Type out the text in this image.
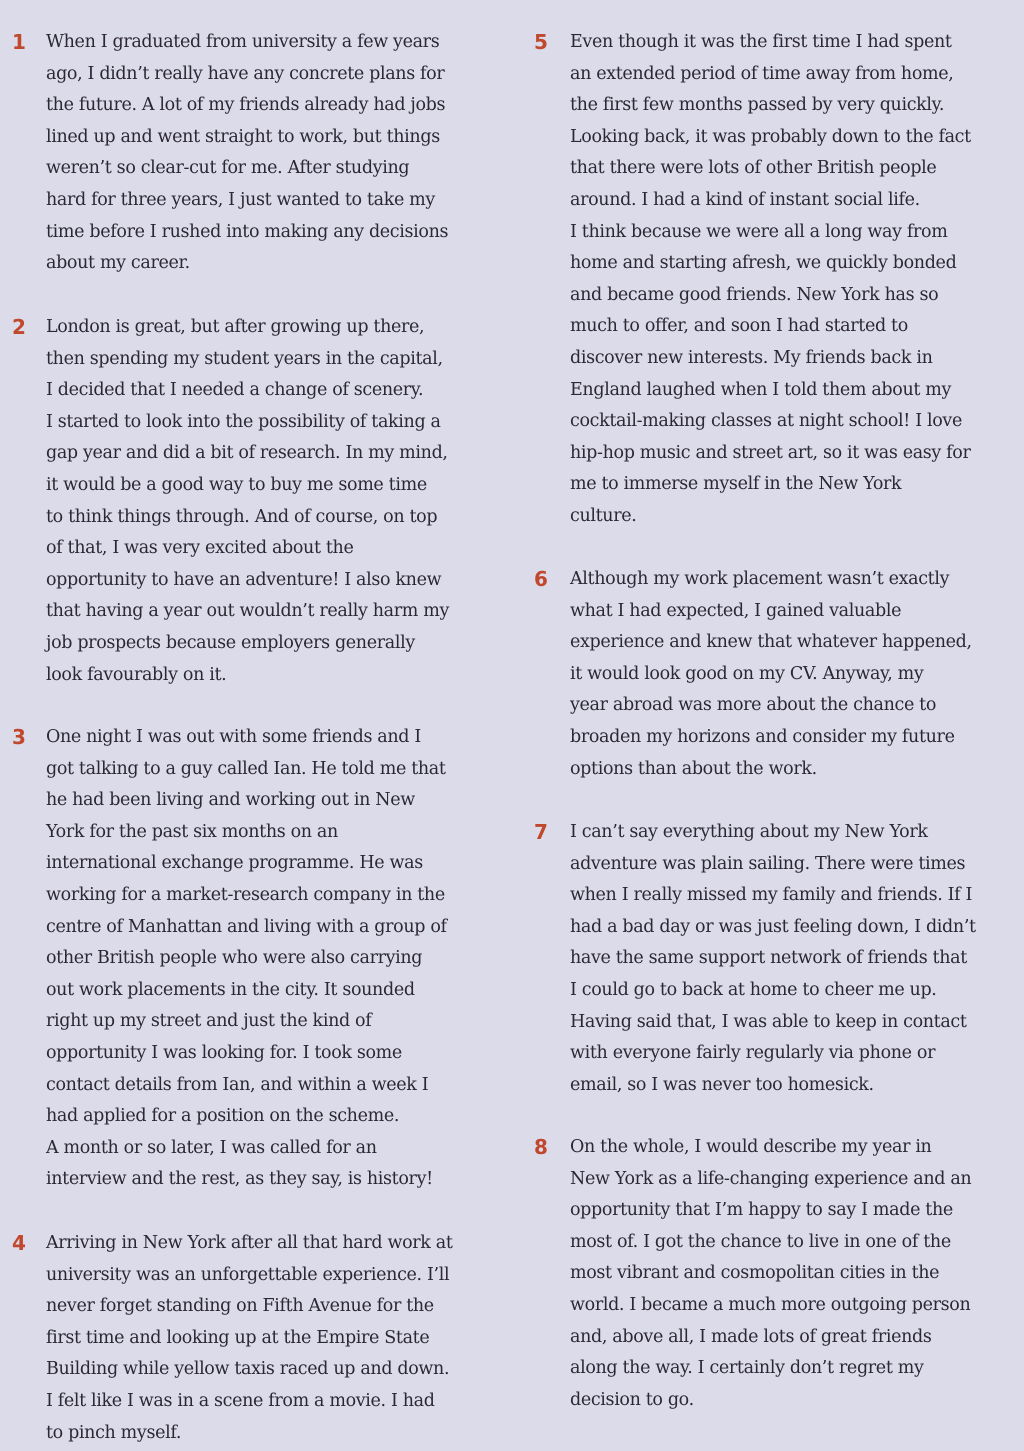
1	When I graduated from university a few years
ago, I didn’t really have any concrete plans for
the future. A lot of my friends already had jobs
lined up and went straight to work, but things
weren’t so clear-cut for me. After studying
hard for three years, I just wanted to take my
time before I rushed into making any decisions
about my career.
2	London is great, but after growing up there,
then spending my student years in the capital,
I decided that I needed a change of scenery.
I started to look into the possibility of taking a
gap year and did a bit of research. In my mind,
it would be a good way to buy me some time
to think things through. And of course, on top
of that, I was very excited about the
opportunity to have an adventure! I also knew
that having a year out wouldn’t really harm my
job prospects because employers generally
look favourably on it.
3	One night I was out with some friends and I
got talking to a guy called Ian. He told me that
he had been living and working out in New
York for the past six months on an
international exchange programme. He was
working for a market-research company in the
centre of Manhattan and living with a group of
other British people who were also carrying
out work placements in the city. It sounded
right up my street and just the kind of
opportunity I was looking for. I took some
contact details from Ian, and within a week I
had applied for a position on the scheme.
A month or so later, I was called for an
interview and the rest, as they say, is history!
4	Arriving in New York after all that hard work at
university was an unforgettable experience. I’ll
never forget standing on Fifth Avenue for the
first time and looking up at the Empire State
Building while yellow taxis raced up and down.
I felt like I was in a scene from a movie. I had
to pinch myself.
5	Even though it was the first time I had spent
an extended period of time away from home,
the first few months passed by very quickly.
Looking back, it was probably down to the fact
that there were lots of other British people
around. I had a kind of instant social life.
I think because we were all a long way from
home and starting afresh, we quickly bonded
and became good friends. New York has so
much to offer, and soon I had started to
discover new interests. My friends back in
England laughed when I told them about my
cocktail-making classes at night school! I love
hip-hop music and street art, so it was easy for
me to immerse myself in the New York
culture.
6	Although my work placement wasn’t exactly
what I had expected, I gained valuable
experience and knew that whatever happened,
it would look good on my CV. Anyway, my
year abroad was more about the chance to
broaden my horizons and consider my future
options than about the work.
7	I can’t say everything about my New York
adventure was plain sailing. There were times
when I really missed my family and friends. If I
had a bad day or was just feeling down, I didn’t
have the same support network of friends that
I could go to back at home to cheer me up.
Having said that, I was able to keep in contact
with everyone fairly regularly via phone or
email, so I was never too homesick.
8	On the whole, I would describe my year in
New York as a life-changing experience and an
opportunity that I’m happy to say I made the
most of. I got the chance to live in one of the
most vibrant and cosmopolitan cities in the
world. I became a much more outgoing person
and, above all, I made lots of great friends
along the way. I certainly don’t regret my
decision to go.
